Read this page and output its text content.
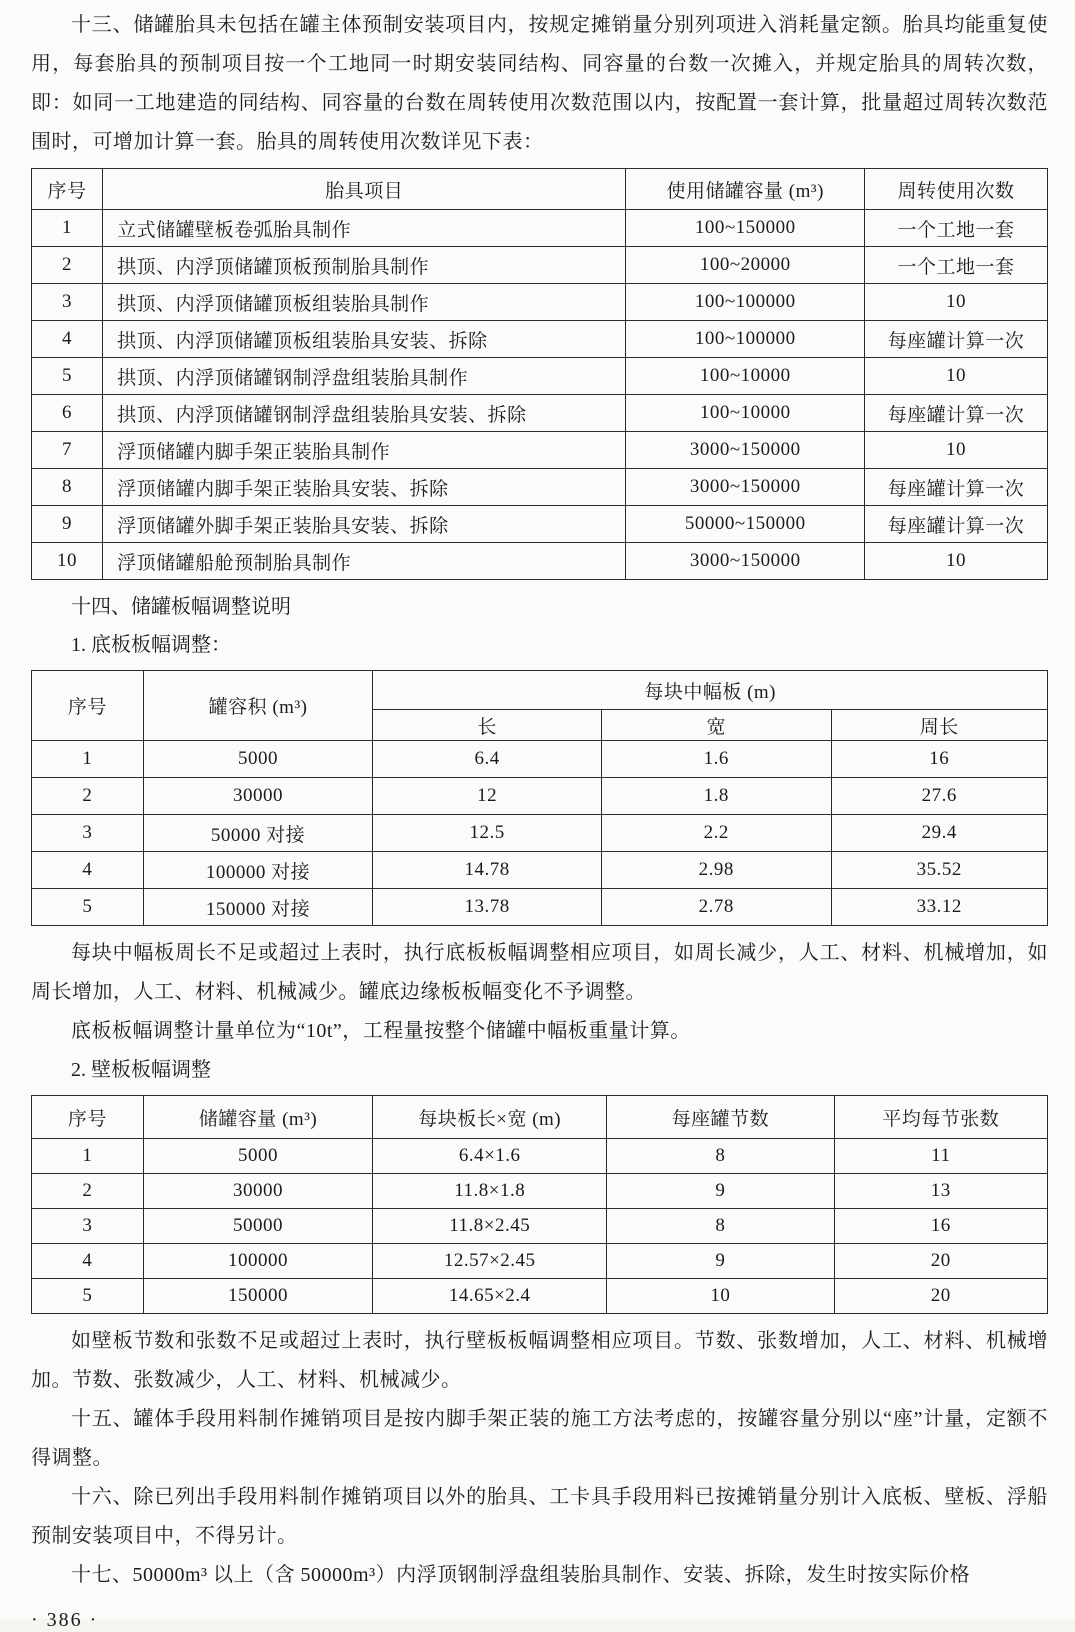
十三、储罐胎具未包括在罐主体预制安装项目内，按规定摊销量分别列项进入消耗量定额。胎具均能重复使用，每套胎具的预制项目按一个工地同一时期安装同结构、同容量的台数一次摊入，并规定胎具的周转次数，即：如同一工地建造的同结构、同容量的台数在周转使用次数范围以内，按配置一套计算，批量超过周转次数范围时，可增加计算一套。胎具的周转使用次数详见下表：

序号	胎具项目	使用储罐容量 (m³)	周转使用次数
1	立式储罐壁板卷弧胎具制作	100~150000	一个工地一套
2	拱顶、内浮顶储罐顶板预制胎具制作	100~20000	一个工地一套
3	拱顶、内浮顶储罐顶板组装胎具制作	100~100000	10
4	拱顶、内浮顶储罐顶板组装胎具安装、拆除	100~100000	每座罐计算一次
5	拱顶、内浮顶储罐钢制浮盘组装胎具制作	100~10000	10
6	拱顶、内浮顶储罐钢制浮盘组装胎具安装、拆除	100~10000	每座罐计算一次
7	浮顶储罐内脚手架正装胎具制作	3000~150000	10
8	浮顶储罐内脚手架正装胎具安装、拆除	3000~150000	每座罐计算一次
9	浮顶储罐外脚手架正装胎具安装、拆除	50000~150000	每座罐计算一次
10	浮顶储罐船舱预制胎具制作	3000~150000	10

十四、储罐板幅调整说明

1. 底板板幅调整：

序号	罐容积 (m³)	每块中幅板 (m)		
		长	宽	周长
1	5000	6.4	1.6	16
2	30000	12	1.8	27.6
3	50000 对接	12.5	2.2	29.4
4	100000 对接	14.78	2.98	35.52
5	150000 对接	13.78	2.78	33.12

每块中幅板周长不足或超过上表时，执行底板板幅调整相应项目，如周长减少，人工、材料、机械增加，如周长增加，人工、材料、机械减少。罐底边缘板板幅变化不予调整。

底板板幅调整计量单位为“10t”，工程量按整个储罐中幅板重量计算。

2. 壁板板幅调整

序号	储罐容量 (m³)	每块板长×宽 (m)	每座罐节数	平均每节张数
1	5000	6.4×1.6	8	11
2	30000	11.8×1.8	9	13
3	50000	11.8×2.45	8	16
4	100000	12.57×2.45	9	20
5	150000	14.65×2.4	10	20

如壁板节数和张数不足或超过上表时，执行壁板板幅调整相应项目。节数、张数增加，人工、材料、机械增加。节数、张数减少，人工、材料、机械减少。

十五、罐体手段用料制作摊销项目是按内脚手架正装的施工方法考虑的，按罐容量分别以“座”计量，定额不得调整。

十六、除已列出手段用料制作摊销项目以外的胎具、工卡具手段用料已按摊销量分别计入底板、壁板、浮船预制安装项目中，不得另计。

十七、50000m³ 以上（含 50000m³）内浮顶钢制浮盘组装胎具制作、安装、拆除，发生时按实际价格

· 386 ·
